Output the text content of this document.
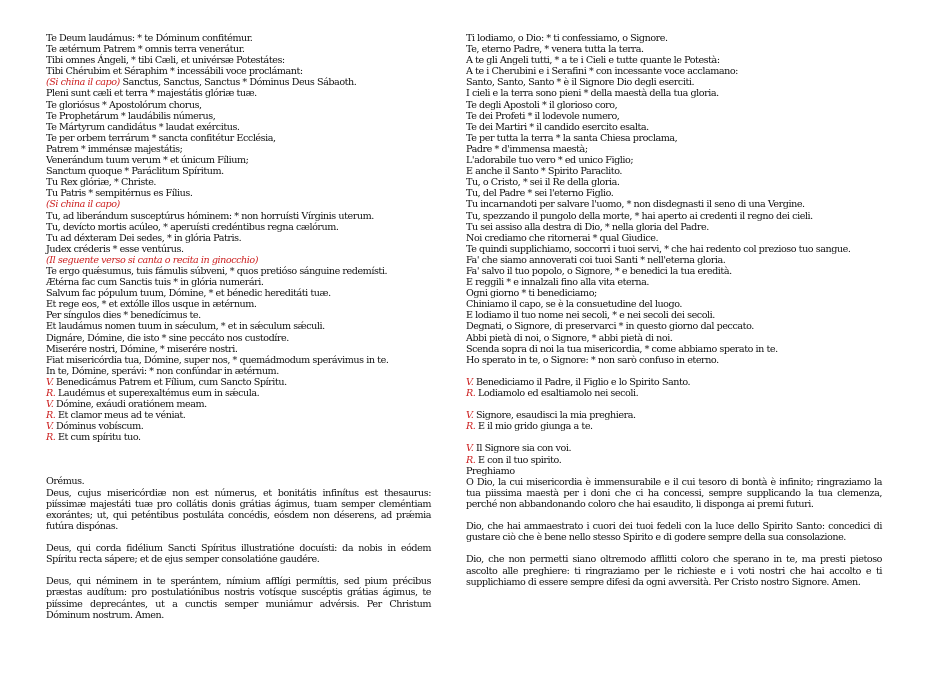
Te Deum laudámus: * te Dóminum confitémur.
Te ætérnum Patrem * omnis terra venerátur.
Tibi omnes Ángeli, * tibi Cæli, et univérsæ Potestátes:
Tibi Chérubim et Séraphim * incessábili voce proclámant:
(Si china il capo) Sanctus, Sanctus, Sanctus * Dóminus Deus Sábaoth.
Pleni sunt cæli et terra * majestátis glóriæ tuæ.
Te gloriósus * Apostolórum chorus,
Te Prophetárum * laudábilis númerus,
Te Mártyrum candidátus * laudat exércitus.
Te per orbem terrárum * sancta confitétur Ecclésia,
Patrem * imménsæ majestátis;
Venerándum tuum verum * et únicum Fílium;
Sanctum quoque * Paráclitum Spíritum.
Tu Rex glóriæ, * Christe.
Tu Patris * sempitérnus es Fílius.
(Si china il capo)
Tu, ad liberándum susceptúrus hóminem: * non horruísti Vírginis uterum.
Tu, devícto mortis acúleo, * aperuísti credéntibus regna cælórum.
Tu ad déxteram Dei sedes, * in glória Patris.
Judex créderis * esse ventúrus.
(Il seguente verso si canta o recita in ginocchio)
Te ergo quǽsumus, tuis fámulis súbveni, * quos pretióso sánguine redemísti.
Ætérna fac cum Sanctis tuis * in glória numerári.
Salvum fac pópulum tuum, Dómine, * et bénedic hereditáti tuæ.
Et rege eos, * et extólle illos usque in ætérnum.
Per síngulos dies * benedícimus te.
Et laudámus nomen tuum in sǽculum, * et in sǽculum sǽculi.
Dignáre, Dómine, die isto * sine peccáto nos custodíre.
Miserére nostri, Dómine, * miserére nostri.
Fiat misericórdia tua, Dómine, super nos, * quemádmodum sperávimus in te.
In te, Dómine, sperávi: * non confúndar in ætérnum.
V. Benedicámus Patrem et Fílium, cum Sancto Spíritu.
R. Laudémus et superexaltémus eum in sǽcula.
V. Dómine, exáudi oratiónem meam.
R. Et clamor meus ad te véniat.
V. Dóminus vobíscum.
R. Et cum spíritu tuo.
Orémus.
Deus, cujus misericórdiæ non est númerus, et bonitátis infinítus est thesaurus: piíssimæ majestáti tuæ pro collátis donis grátias ágimus, tuam semper cleméntiam exorántes; ut, qui peténtibus postuláta concédis, eósdem non déserens, ad prǽmia futúra dispónas.
Deus, qui corda fidélium Sancti Spíritus illustratióne docuísti: da nobis in eódem Spíritu recta sápere; et de ejus semper consolatióne gaudére.
Deus, qui néminem in te sperántem, nímium afflígi permíttis, sed pium précibus præstas audítum: pro postulatiónibus nostris votísque suscéptis grátias ágimus, te piíssime deprecántes, ut a cunctis semper muniámur advérsis. Per Christum Dóminum nostrum. Amen.
Ti lodiamo, o Dio: * ti confessiamo, o Signore.
Te, eterno Padre, * venera tutta la terra.
A te gli Angeli tutti, * a te i Cieli e tutte quante le Potestà:
A te i Cherubini e i Serafini * con incessante voce acclamano:
Santo, Santo, Santo * è il Signore Dio degli eserciti.
I cieli e la terra sono pieni * della maestà della tua gloria.
Te degli Apostoli * il glorioso coro,
Te dei Profeti * il lodevole numero,
Te dei Martiri * il candido esercito esalta.
Te per tutta la terra * la santa Chiesa proclama,
Padre * d'immensa maestà;
L'adorabile tuo vero * ed unico Figlio;
E anche il Santo * Spirito Paraclito.
Tu, o Cristo, * sei il Re della gloria.
Tu, del Padre * sei l'eterno Figlio.
Tu incarnandoti per salvare l'uomo, * non disdegnasti il seno di una Vergine.
Tu, spezzando il pungolo della morte, * hai aperto ai credenti il regno dei cieli.
Tu sei assiso alla destra di Dio, * nella gloria del Padre.
Noi crediamo che ritornerai * qual Giudice.
Te quindi supplichiamo, soccorri i tuoi servi, * che hai redento col prezioso tuo sangue.
Fa' che siamo annoverati coi tuoi Santi * nell'eterna gloria.
Fa' salvo il tuo popolo, o Signore, * e benedici la tua eredità.
E reggili * e innalzali fino alla vita eterna.
Ogni giorno * ti benediciamo;
Chiniamo il capo, se è la consuetudine del luogo.
E lodiamo il tuo nome nei secoli, * e nei secoli dei secoli.
Degnati, o Signore, di preservarci * in questo giorno dal peccato.
Abbi pietà di noi, o Signore, * abbi pietà di noi.
Scenda sopra di noi la tua misericordia, * come abbiamo sperato in te.
Ho sperato in te, o Signore: * non sarò confuso in eterno.
V. Benediciamo il Padre, il Figlio e lo Spirito Santo.
R. Lodiamolo ed esaltiamolo nei secoli.
V. Signore, esaudisci la mia preghiera.
R. E il mio grido giunga a te.
V. Il Signore sia con voi.
R. E con il tuo spirito.
Preghiamo
O Dio, la cui misericordia è immensurabile e il cui tesoro di bontà è infinito; ringraziamo la tua piissima maestà per i doni che ci ha concessi, sempre supplicando la tua clemenza, perché non abbandonando coloro che hai esaudito, li disponga ai premi futuri.
Dio, che hai ammaestrato i cuori dei tuoi fedeli con la luce dello Spirito Santo: concedici di gustare ciò che è bene nello stesso Spirito e di godere sempre della sua consolazione.
Dio, che non permetti siano oltremodo afflitti coloro che sperano in te, ma presti pietoso ascolto alle preghiere: ti ringraziamo per le richieste e i voti nostri che hai accolto e ti supplichiamo di essere sempre difesi da ogni avversità. Per Cristo nostro Signore. Amen.
